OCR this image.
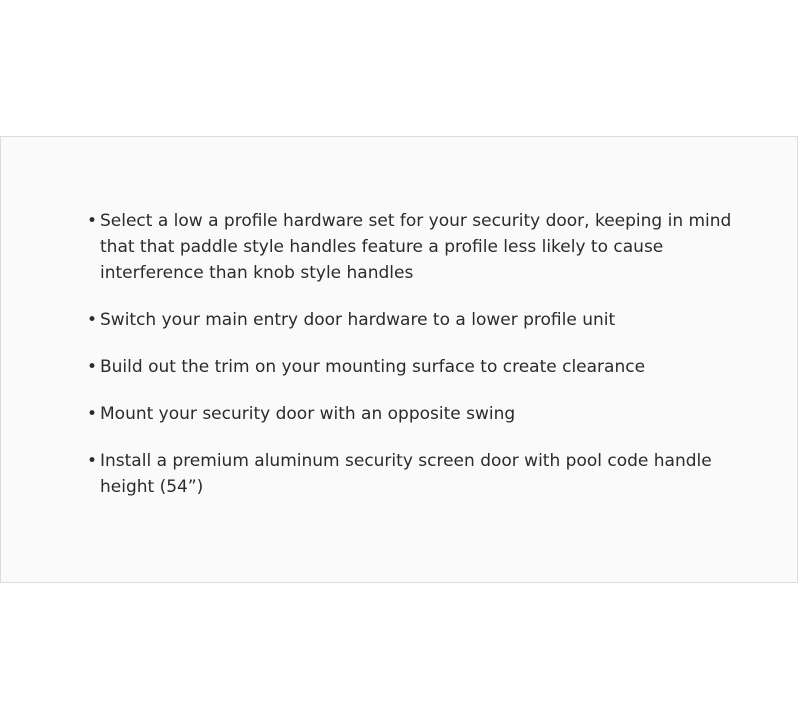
• Select a low a profile hardware set for your security door, keeping in mind that that paddle style handles feature a profile less likely to cause interference than knob style handles
• Switch your main entry door hardware to a lower profile unit
• Build out the trim on your mounting surface to create clearance
• Mount your security door with an opposite swing
• Install a premium aluminum security screen door with pool code handle height (54”)
